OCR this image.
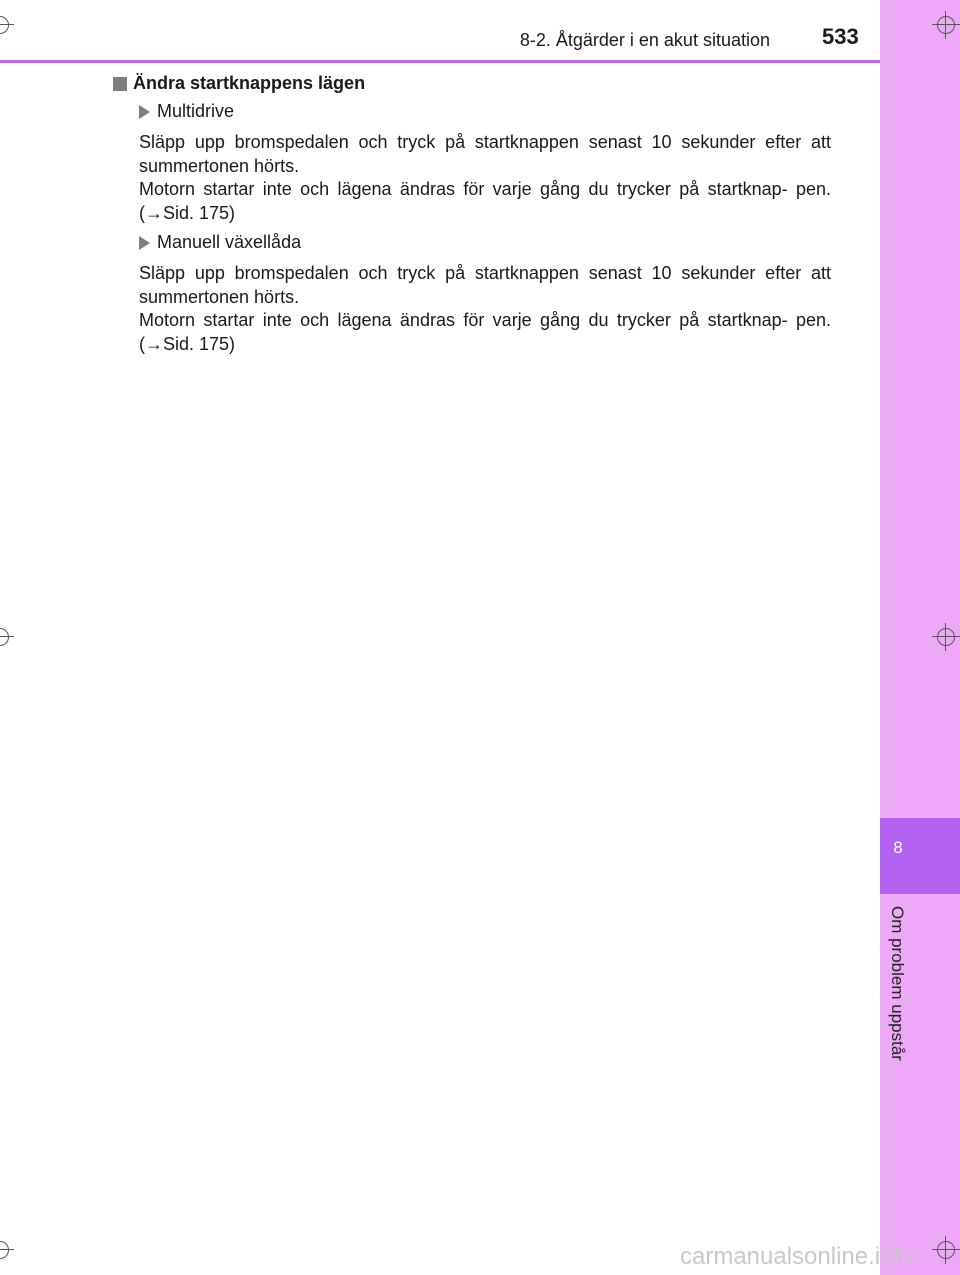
8
Om problem uppstår
8-2. Åtgärder i en akut situation 533
Ändra startknappens lägen
Multidrive

Släpp upp bromspedalen och tryck på startknappen senast 10 sekunder efter att summertonen hörts.

Motorn startar inte och lägena ändras för varje gång du trycker på startknap- pen. (→Sid. 175)

Manuell växellåda

Släpp upp bromspedalen och tryck på startknappen senast 10 sekunder efter att summertonen hörts.

Motorn startar inte och lägena ändras för varje gång du trycker på startknap- pen. (→Sid. 175)

carmanualsonline.info
